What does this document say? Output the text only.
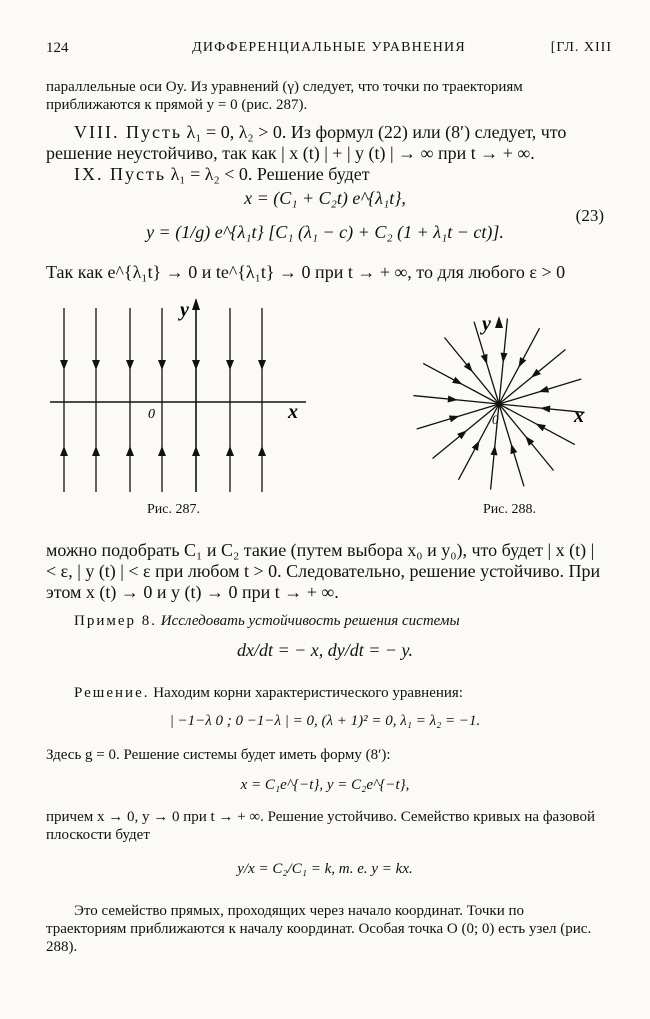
124	ДИФФЕРЕНЦИАЛЬНЫЕ УРАВНЕНИЯ	[ГЛ. XIII

параллельные оси Oy. Из уравнений (γ) следует, что точки по траекториям приближаются к прямой y = 0 (рис. 287).

VIII. Пусть λ₁ = 0, λ₂ > 0. Из формул (22) или (8′) следует, что решение неустойчиво, так как | x (t) | + | y (t) | → ∞ при t → + ∞.

IX. Пусть λ₁ = λ₂ < 0. Решение будет

x = (C₁ + C₂t) e^{λ₁t},

y = (1/g) e^{λ₁t} [C₁ (λ₁ − c) + C₂ (1 + λ₁t − ct)].

(23)

Так как e^{λ₁t} → 0 и te^{λ₁t} → 0 при t → + ∞, то для любого ε > 0

y
0	x
Рис. 287.
y
0	x
Рис. 288.

можно подобрать C₁ и C₂ такие (путем выбора x₀ и y₀), что будет | x (t) | < ε, | y (t) | < ε при любом t > 0. Следовательно, решение устойчиво. При этом x (t) → 0 и y (t) → 0 при t → + ∞.

Пример 8. Исследовать устойчивость решения системы

dx/dt = − x, dy/dt = − y.

Решение. Находим корни характеристического уравнения:

| −1−λ 0 ; 0 −1−λ | = 0, (λ + 1)² = 0, λ₁ = λ₂ = −1.

Здесь g = 0. Решение системы будет иметь форму (8′):

x = C₁e^{−t}, y = C₂e^{−t},

причем x → 0, y → 0 при t → + ∞. Решение устойчиво. Семейство кривых на фазовой плоскости будет

y/x = C₂/C₁ = k, т. е. y = kx.

Это семейство прямых, проходящих через начало координат. Точки по траекториям приближаются к началу координат. Особая точка O (0; 0) есть узел (рис. 288).
